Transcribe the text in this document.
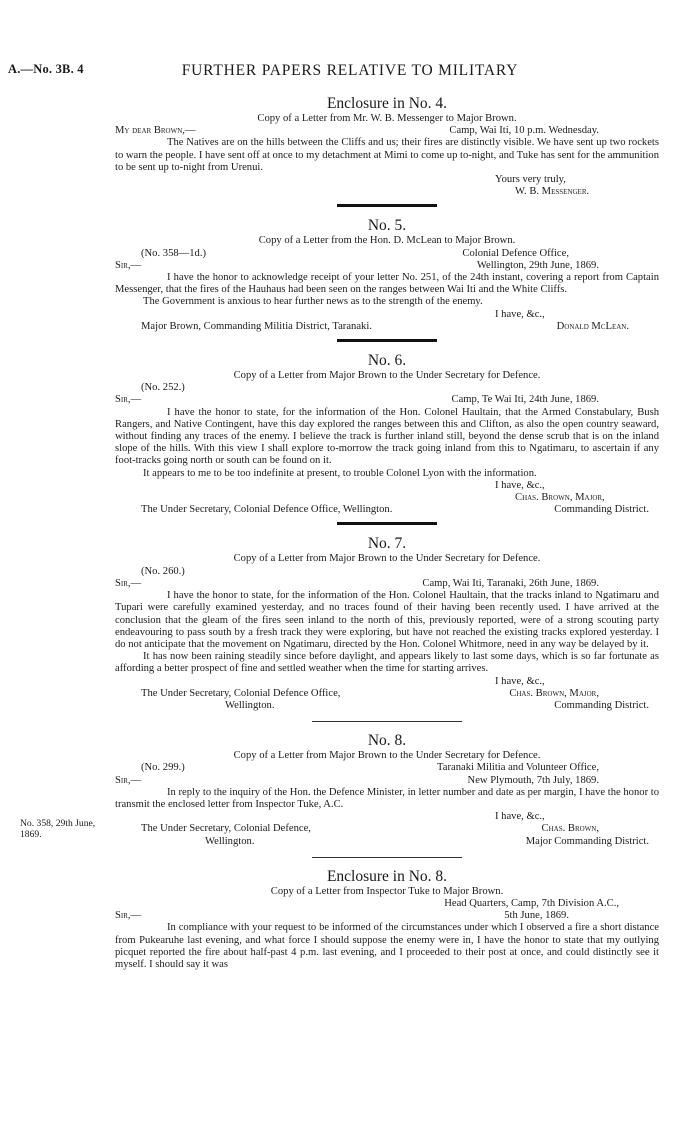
A.—No. 3B. 4	FURTHER PAPERS RELATIVE TO MILITARY
No. 358, 29th June, 1869.

Enclosure in No. 4.

Copy of a Letter from Mr. W. B. Messenger to Major Brown.

My dear Brown,—	Camp, Wai Iti, 10 p.m. Wednesday.

The Natives are on the hills between the Cliffs and us; their fires are distinctly visible. We have sent up two rockets to warn the people. I have sent off at once to my detachment at Mimi to come up to-night, and Tuke has sent for the ammunition to be sent up to-night from Urenui.

Yours very truly,
W. B. Messenger.

No. 5.

Copy of a Letter from the Hon. D. McLean to Major Brown.

(No. 358—1d.)	Colonial Defence Office,
Sir,—	Wellington, 29th June, 1869.

I have the honor to acknowledge receipt of your letter No. 251, of the 24th instant, covering a report from Captain Messenger, that the fires of the Hauhaus had been seen on the ranges between Wai Iti and the White Cliffs.

The Government is anxious to hear further news as to the strength of the enemy.

I have, &c.,
Major Brown, Commanding Militia District, Taranaki.	Donald McLean.

No. 6.

Copy of a Letter from Major Brown to the Under Secretary for Defence.

(No. 252.)
Sir,—	Camp, Te Wai Iti, 24th June, 1869.

I have the honor to state, for the information of the Hon. Colonel Haultain, that the Armed Constabulary, Bush Rangers, and Native Contingent, have this day explored the ranges between this and Clifton, as also the open country seaward, without finding any traces of the enemy. I believe the track is further inland still, beyond the dense scrub that is on the inland slope of the hills. With this view I shall explore to-morrow the track going inland from this to Ngatimaru, to ascertain if any foot-tracks going north or south can be found on it.

It appears to me to be too indefinite at present, to trouble Colonel Lyon with the information.

I have, &c.,
Chas. Brown, Major,
The Under Secretary, Colonial Defence Office, Wellington.	Commanding District.

No. 7.

Copy of a Letter from Major Brown to the Under Secretary for Defence.

(No. 260.)
Sir,—	Camp, Wai Iti, Taranaki, 26th June, 1869.

I have the honor to state, for the information of the Hon. Colonel Haultain, that the tracks inland to Ngatimaru and Tupari were carefully examined yesterday, and no traces found of their having been recently used. I have arrived at the conclusion that the gleam of the fires seen inland to the north of this, previously reported, were of a strong scouting party endeavouring to pass south by a fresh track they were exploring, but have not reached the existing tracks explored yesterday. I do not anticipate that the movement on Ngatimaru, directed by the Hon. Colonel Whitmore, need in any way be delayed by it.

It has now been raining steadily since before daylight, and appears likely to last some days, which is so far fortunate as affording a better prospect of fine and settled weather when the time for starting arrives.

I have, &c.,
The Under Secretary, Colonial Defence Office,	Chas. Brown, Major,
Wellington.	Commanding District.

No. 8.

Copy of a Letter from Major Brown to the Under Secretary for Defence.

(No. 299.)	Taranaki Militia and Volunteer Office,
Sir,—	New Plymouth, 7th July, 1869.

In reply to the inquiry of the Hon. the Defence Minister, in letter number and date as per margin, I have the honor to transmit the enclosed letter from Inspector Tuke, A.C.

I have, &c.,
The Under Secretary, Colonial Defence,	Chas. Brown,
Wellington.	Major Commanding District.

Enclosure in No. 8.

Copy of a Letter from Inspector Tuke to Major Brown.

Head Quarters, Camp, 7th Division A.C.,
Sir,—	5th June, 1869.

In compliance with your request to be informed of the circumstances under which I observed a fire a short distance from Pukearuhe last evening, and what force I should suppose the enemy were in, I have the honor to state that my outlying picquet reported the fire about half-past 4 p.m. last evening, and I proceeded to their post at once, and could distinctly see it myself. I should say it was
